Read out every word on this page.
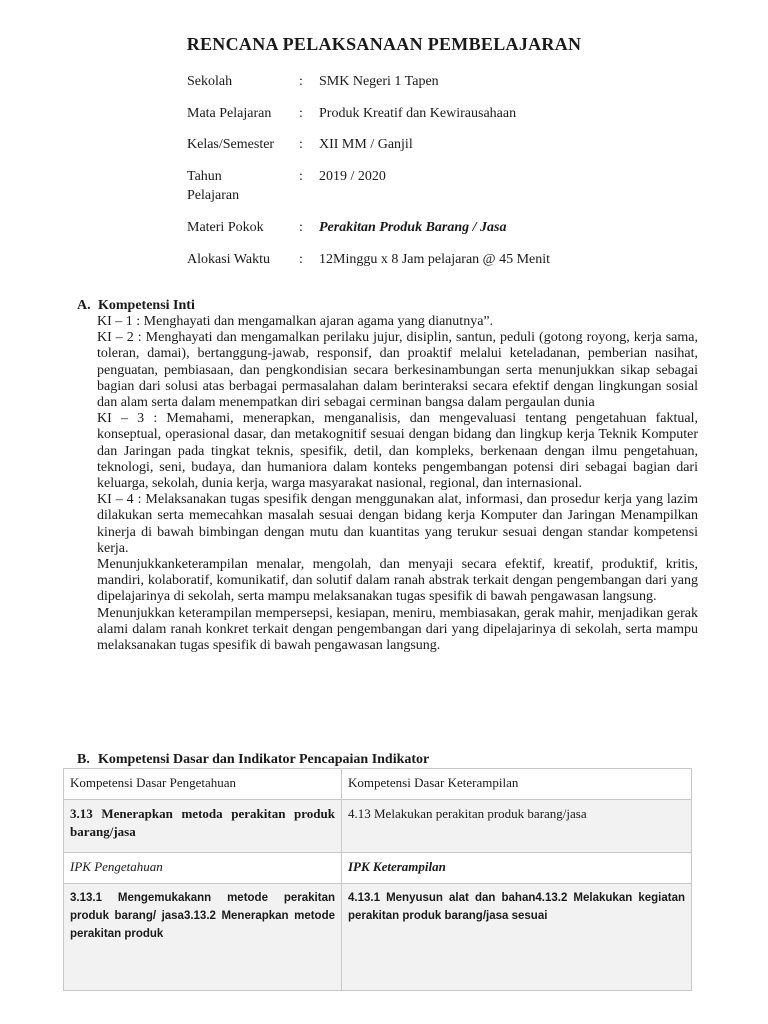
RENCANA PELAKSANAAN PEMBELAJARAN
Sekolah	: SMK Negeri 1 Tapen
Mata Pelajaran	: Produk Kreatif dan Kewirausahaan
Kelas/Semester	: XII MM / Ganjil
Tahun	: 2019 / 2020
Pelajaran
Materi Pokok	: Perakitan Produk Barang / Jasa
Alokasi Waktu	: 12Minggu x 8 Jam pelajaran @ 45 Menit
A. Kompetensi Inti

KI – 1 : Menghayati dan mengamalkan ajaran agama yang dianutnya”.

KI – 2 : Menghayati dan mengamalkan perilaku jujur, disiplin, santun, peduli (gotong royong, kerja sama, toleran, damai), bertanggung-jawab, responsif, dan proaktif melalui keteladanan, pemberian nasihat, penguatan, pembiasaan, dan pengkondisian secara berkesinambungan serta menunjukkan sikap sebagai bagian dari solusi atas berbagai permasalahan dalam berinteraksi secara efektif dengan lingkungan sosial dan alam serta dalam menempatkan diri sebagai cerminan bangsa dalam pergaulan dunia

KI – 3 : Memahami, menerapkan, menganalisis, dan mengevaluasi tentang pengetahuan faktual, konseptual, operasional dasar, dan metakognitif sesuai dengan bidang dan lingkup kerja Teknik Komputer dan Jaringan pada tingkat teknis, spesifik, detil, dan kompleks, berkenaan dengan ilmu pengetahuan, teknologi, seni, budaya, dan humaniora dalam konteks pengembangan potensi diri sebagai bagian dari keluarga, sekolah, dunia kerja, warga masyarakat nasional, regional, dan internasional.

KI – 4 : Melaksanakan tugas spesifik dengan menggunakan alat, informasi, dan prosedur kerja yang lazim dilakukan serta memecahkan masalah sesuai dengan bidang kerja Komputer dan Jaringan Menampilkan kinerja di bawah bimbingan dengan mutu dan kuantitas yang terukur sesuai dengan standar kompetensi kerja.

Menunjukkanketerampilan menalar, mengolah, dan menyaji secara efektif, kreatif, produktif, kritis, mandiri, kolaboratif, komunikatif, dan solutif dalam ranah abstrak terkait dengan pengembangan dari yang dipelajarinya di sekolah, serta mampu melaksanakan tugas spesifik di bawah pengawasan langsung.

Menunjukkan keterampilan mempersepsi, kesiapan, meniru, membiasakan, gerak mahir, menjadikan gerak alami dalam ranah konkret terkait dengan pengembangan dari yang dipelajarinya di sekolah, serta mampu melaksanakan tugas spesifik di bawah pengawasan langsung.

B. Kompetensi Dasar dan Indikator Pencapaian Indikator
Kompetensi Dasar Pengetahuan	Kompetensi Dasar Keterampilan
3.13 Menerapkan metoda perakitan produk barang/jasa	4.13 Melakukan perakitan produk barang/jasa
IPK Pengetahuan	IPK Keterampilan
3.13.1 Mengemukakann metode perakitan produk barang/ jasa3.13.2 Menerapkan metode perakitan produk	4.13.1 Menyusun alat dan bahan4.13.2 Melakukan kegiatan perakitan produk barang/jasa sesuai
